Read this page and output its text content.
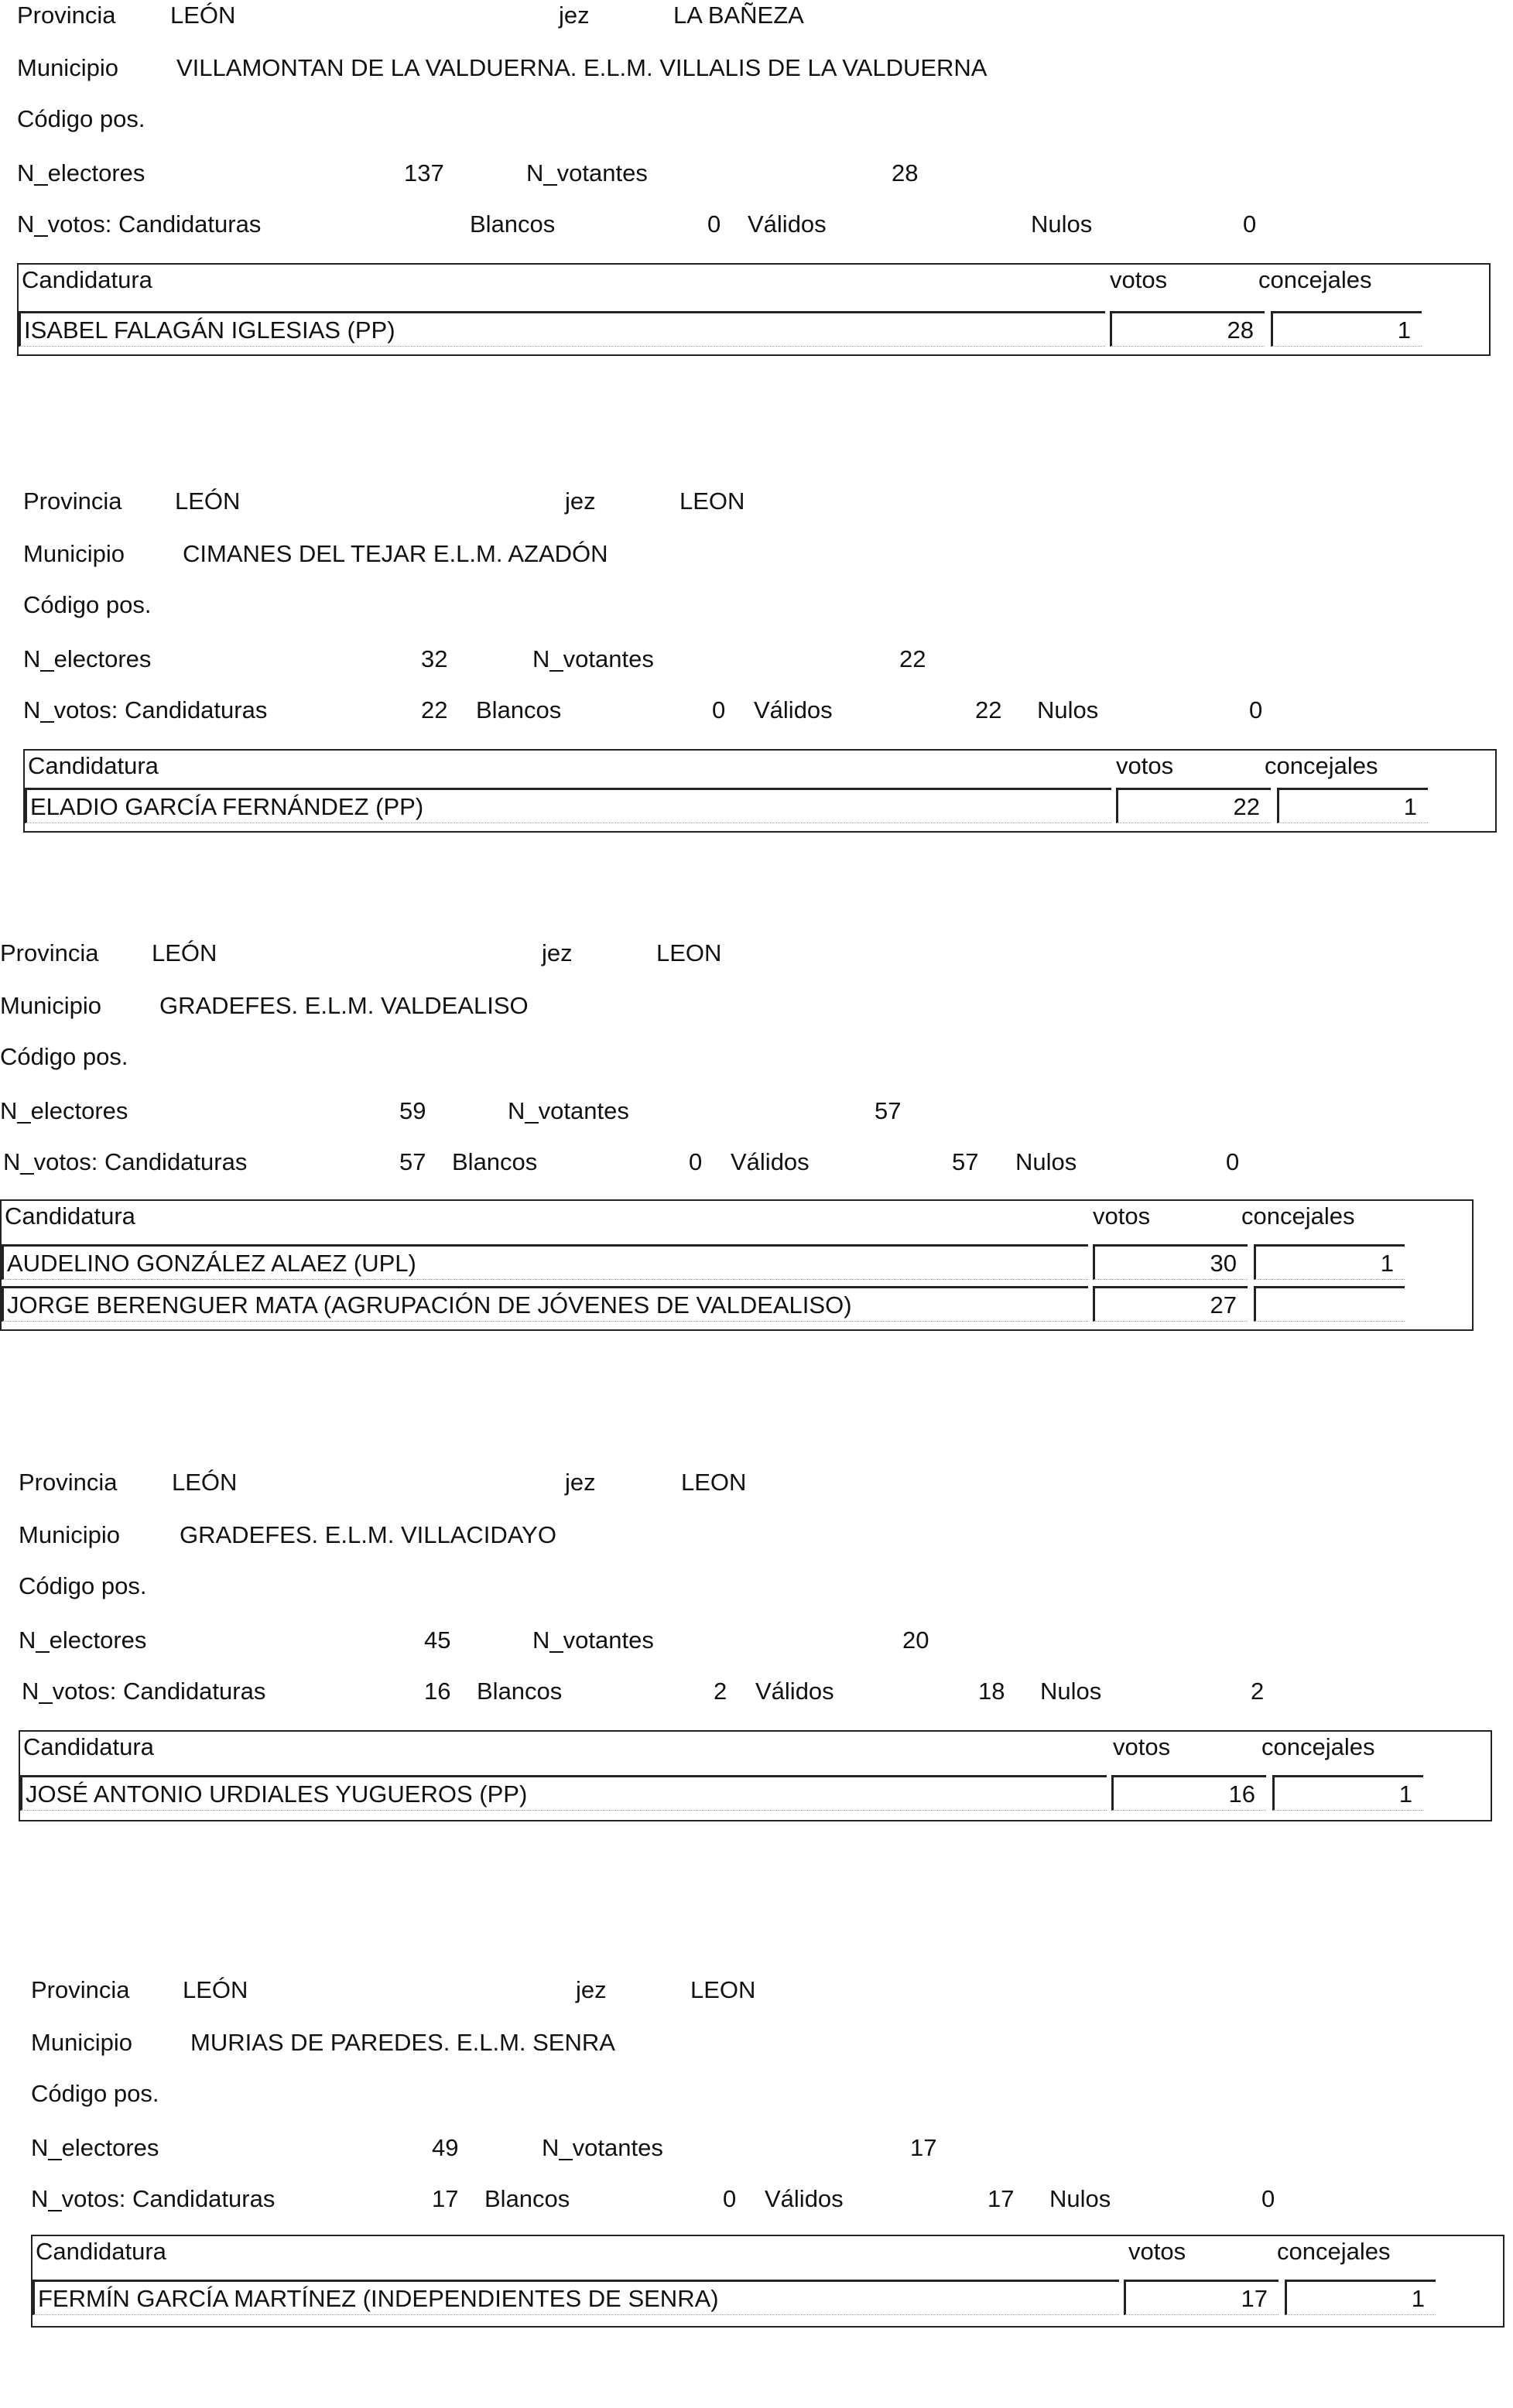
Provincia LEÓN	jez	LA BAÑEZA
Municipio VILLAMONTAN DE LA VALDUERNA. E.L.M. VILLALIS DE LA VALDUERNA
Código pos.
N_electores	137	N_votantes	28
N_votos: Candidaturas	Blancos	0 Válidos	Nulos	0
Candidatura	votos	concejales
ISABEL FALAGÁN IGLESIAS (PP)	28	1
Provincia LEÓN	jez	LEON
Municipio CIMANES DEL TEJAR E.L.M. AZADÓN
Código pos.
N_electores	32	N_votantes	22
N_votos: Candidaturas	22 Blancos	0 Válidos	22 Nulos	0
Candidatura	votos	concejales
ELADIO GARCÍA FERNÁNDEZ (PP)	22	1
Provincia LEÓN	jez	LEON
Municipio GRADEFES. E.L.M. VALDEALISO
Código pos.
N_electores	59	N_votantes	57
N_votos: Candidaturas	57 Blancos	0 Válidos	57 Nulos	0
Candidatura	votos	concejales
AUDELINO GONZÁLEZ ALAEZ (UPL)	30	1
JORGE BERENGUER MATA (AGRUPACIÓN DE JÓVENES DE VALDEALISO)	27
Provincia LEÓN	jez	LEON
Municipio GRADEFES. E.L.M. VILLACIDAYO
Código pos.
N_electores	45	N_votantes	20
N_votos: Candidaturas	16 Blancos	2 Válidos	18 Nulos	2
Candidatura	votos	concejales
JOSÉ ANTONIO URDIALES YUGUEROS (PP)	16	1
Provincia LEÓN	jez	LEON
Municipio MURIAS DE PAREDES. E.L.M. SENRA
Código pos.
N_electores	49	N_votantes	17
N_votos: Candidaturas	17 Blancos	0 Válidos	17 Nulos	0
Candidatura	votos	concejales
FERMÍN GARCÍA MARTÍNEZ (INDEPENDIENTES DE SENRA)	17	1
